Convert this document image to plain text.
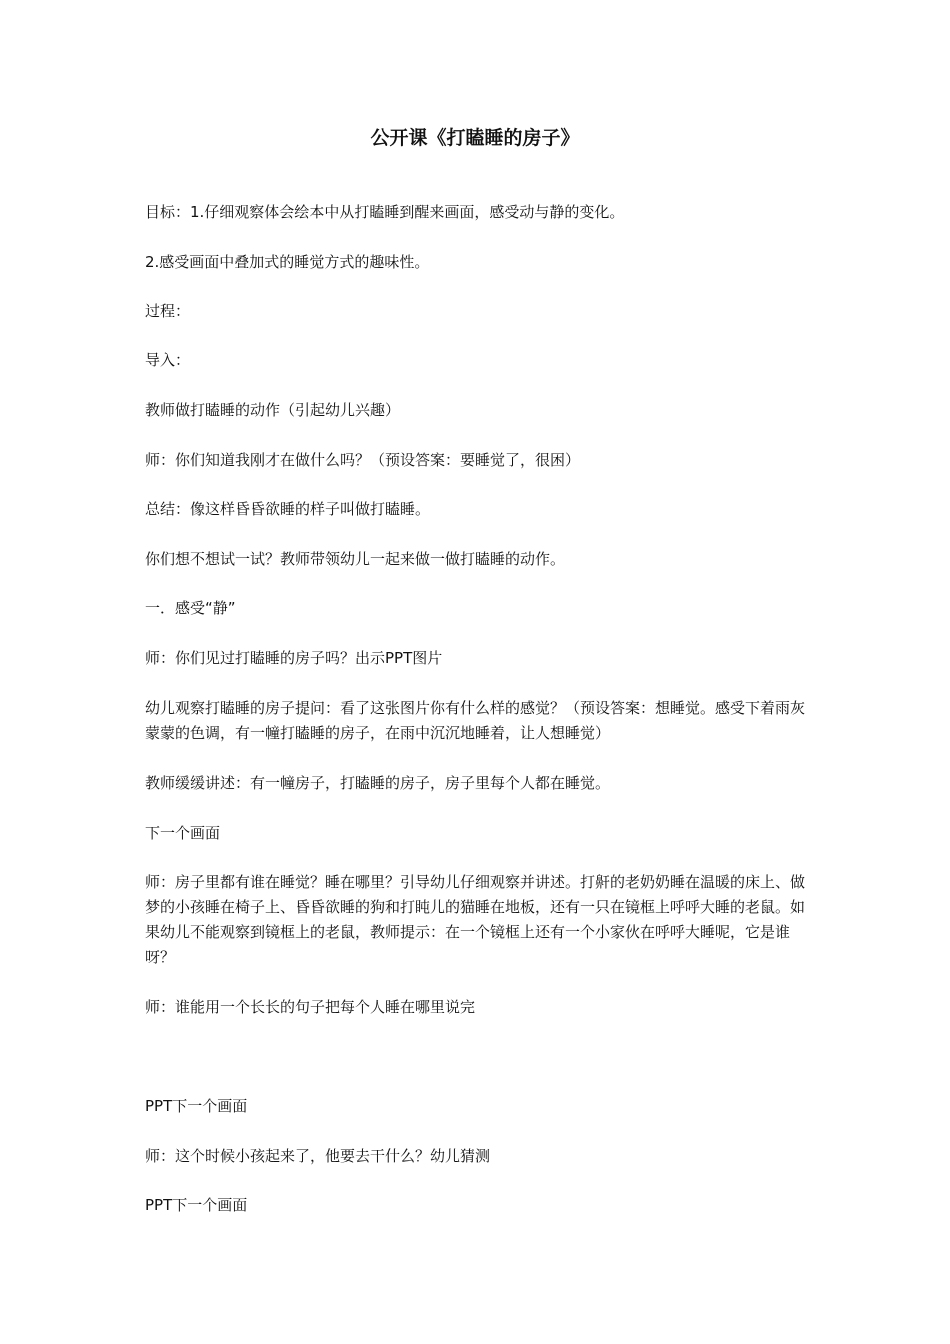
公开课《打瞌睡的房子》
目标：1.仔细观察体会绘本中从打瞌睡到醒来画面，感受动与静的变化。
2.感受画面中叠加式的睡觉方式的趣味性。
过程：
导入：
教师做打瞌睡的动作（引起幼儿兴趣）
师：你们知道我刚才在做什么吗？（预设答案：要睡觉了，很困）
总结：像这样昏昏欲睡的样子叫做打瞌睡。
你们想不想试一试？教师带领幼儿一起来做一做打瞌睡的动作。
一．感受“静”
师：你们见过打瞌睡的房子吗？出示PPT图片
幼儿观察打瞌睡的房子提问：看了这张图片你有什么样的感觉？（预设答案：想睡觉。感受下着雨灰蒙蒙的色调，有一幢打瞌睡的房子，在雨中沉沉地睡着，让人想睡觉）
教师缓缓讲述：有一幢房子，打瞌睡的房子，房子里每个人都在睡觉。
下一个画面
师：房子里都有谁在睡觉？睡在哪里？引导幼儿仔细观察并讲述。打鼾的老奶奶睡在温暖的床上、做梦的小孩睡在椅子上、昏昏欲睡的狗和打盹儿的猫睡在地板，还有一只在镜框上呼呼大睡的老鼠。如果幼儿不能观察到镜框上的老鼠，教师提示：在一个镜框上还有一个小家伙在呼呼大睡呢，它是谁呀？
师：谁能用一个长长的句子把每个人睡在哪里说完
PPT下一个画面
师：这个时候小孩起来了，他要去干什么？幼儿猜测
PPT下一个画面
